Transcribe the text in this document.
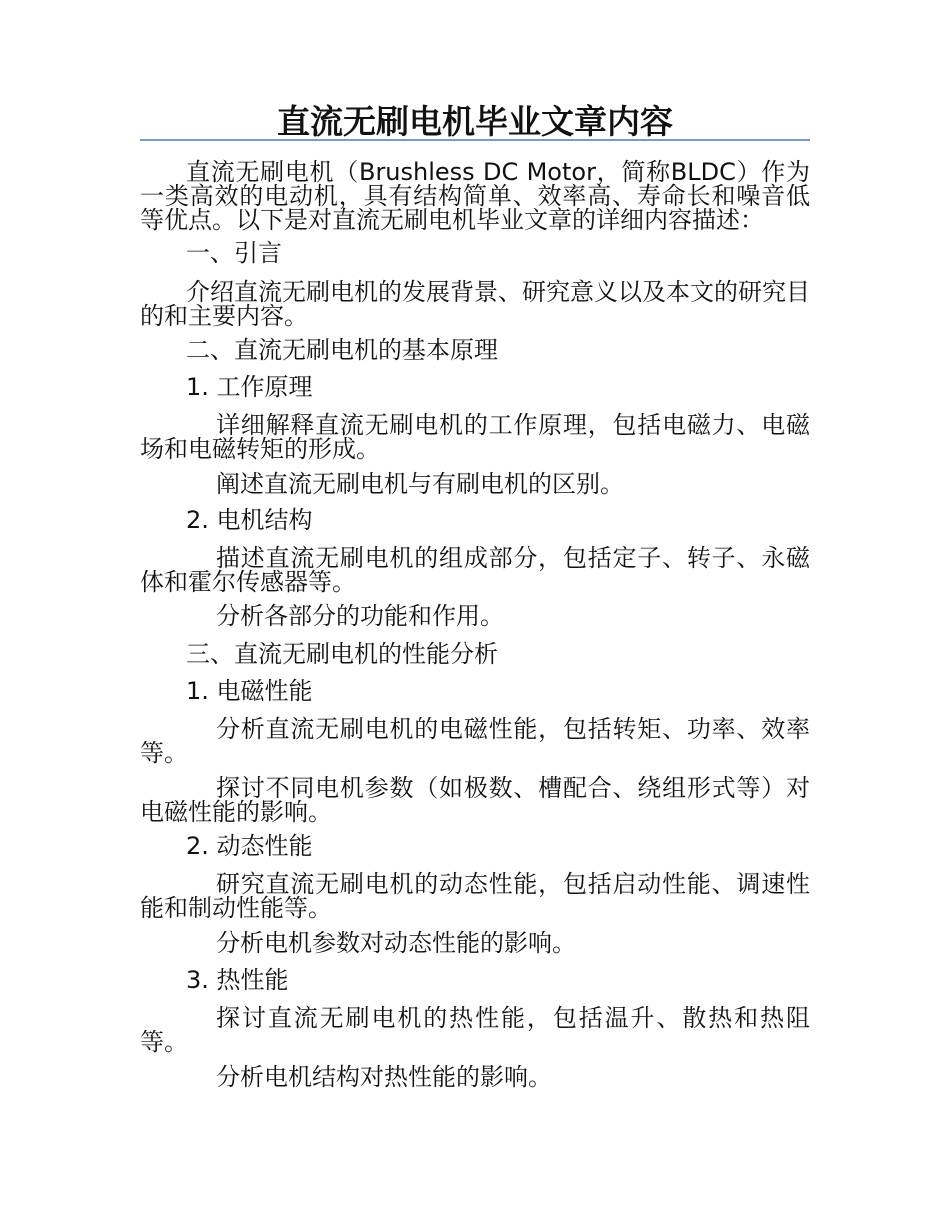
直流无刷电机毕业文章内容

直流无刷电机（Brushless DC Motor，简称BLDC）作为一类高效的电动机，具有结构简单、效率高、寿命长和噪音低等优点。以下是对直流无刷电机毕业文章的详细内容描述：

一、引言

介绍直流无刷电机的发展背景、研究意义以及本文的研究目的和主要内容。

二、直流无刷电机的基本原理

1. 工作原理

详细解释直流无刷电机的工作原理，包括电磁力、电磁场和电磁转矩的形成。

阐述直流无刷电机与有刷电机的区别。

2. 电机结构

描述直流无刷电机的组成部分，包括定子、转子、永磁体和霍尔传感器等。

分析各部分的功能和作用。

三、直流无刷电机的性能分析

1. 电磁性能

分析直流无刷电机的电磁性能，包括转矩、功率、效率等。

探讨不同电机参数（如极数、槽配合、绕组形式等）对电磁性能的影响。

2. 动态性能

研究直流无刷电机的动态性能，包括启动性能、调速性能和制动性能等。

分析电机参数对动态性能的影响。

3. 热性能

探讨直流无刷电机的热性能，包括温升、散热和热阻等。

分析电机结构对热性能的影响。
